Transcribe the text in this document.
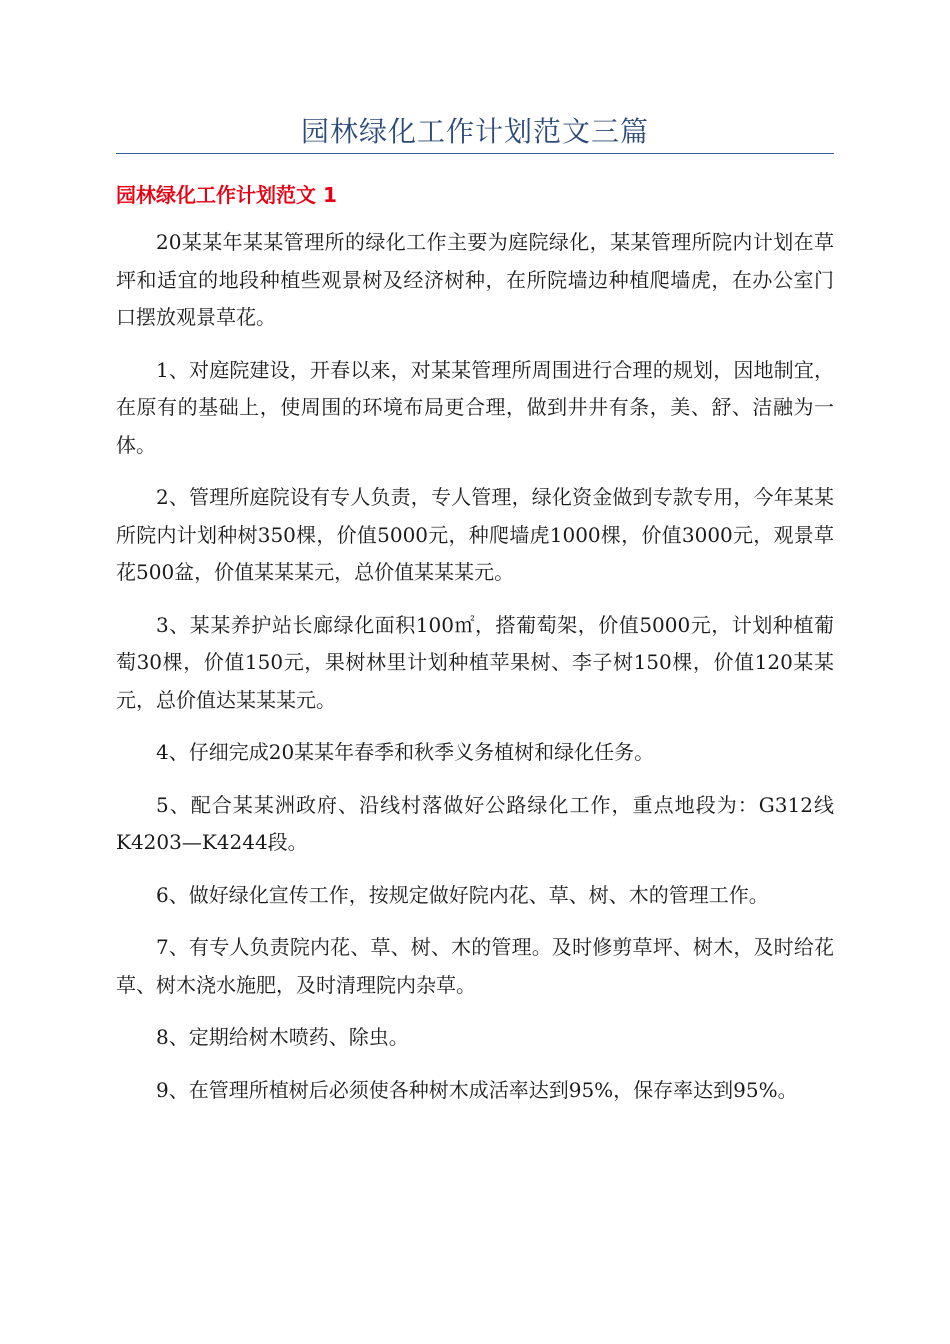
园林绿化工作计划范文三篇
园林绿化工作计划范文 1

20某某年某某管理所的绿化工作主要为庭院绿化，某某管理所院内计划在草坪和适宜的地段种植些观景树及经济树种，在所院墙边种植爬墙虎，在办公室门口摆放观景草花。

1、对庭院建设，开春以来，对某某管理所周围进行合理的规划，因地制宜，在原有的基础上，使周围的环境布局更合理，做到井井有条，美、舒、洁融为一体。

2、管理所庭院设有专人负责，专人管理，绿化资金做到专款专用，今年某某所院内计划种树350棵，价值5000元，种爬墙虎1000棵，价值3000元，观景草花500盆，价值某某某元，总价值某某某元。

3、某某养护站长廊绿化面积100㎡，搭葡萄架，价值5000元，计划种植葡萄30棵，价值150元，果树林里计划种植苹果树、李子树150棵，价值120某某元，总价值达某某某元。

4、仔细完成20某某年春季和秋季义务植树和绿化任务。

5、配合某某洲政府、沿线村落做好公路绿化工作，重点地段为：G312线K4203—K4244段。

6、做好绿化宣传工作，按规定做好院内花、草、树、木的管理工作。

7、有专人负责院内花、草、树、木的管理。及时修剪草坪、树木，及时给花草、树木浇水施肥，及时清理院内杂草。

8、定期给树木喷药、除虫。

9、在管理所植树后必须使各种树木成活率达到95%，保存率达到95%。
